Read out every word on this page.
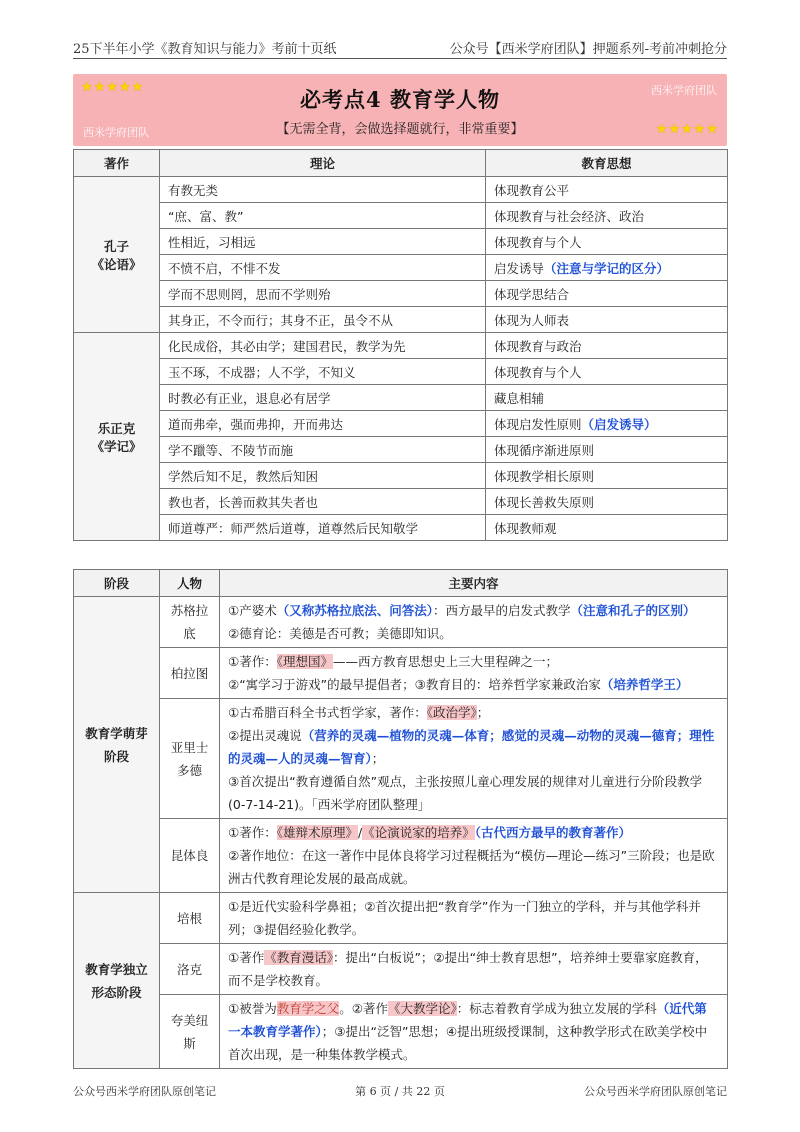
25下半年小学《教育知识与能力》考前十页纸	公众号【西米学府团队】押题系列-考前冲刺抢分
★★★★★	西米学府团队
必考点4 教育学人物
【无需全背，会做选择题就行，非常重要】
西米学府团队	★★★★★
著作	理论	教育思想

孔子
《论语》	有教无类	体现教育公平
	“庶、富、教”	体现教育与社会经济、政治
	性相近，习相远	体现教育与个人
	不愤不启，不悱不发	启发诱导（注意与学记的区分）
	学而不思则罔，思而不学则殆	体现学思结合
	其身正，不令而行；其身不正，虽令不从	体现为人师表

乐正克
《学记》	化民成俗，其必由学；建国君民，教学为先	体现教育与政治
	玉不琢，不成器；人不学，不知义	体现教育与个人
	时教必有正业，退息必有居学	藏息相辅
	道而弗牵，强而弗抑，开而弗达	体现启发性原则（启发诱导）
	学不躐等、不陵节而施	体现循序渐进原则
	学然后知不足，教然后知困	体现教学相长原则
	教也者，长善而救其失者也	体现长善救失原则
	师道尊严：师严然后道尊，道尊然后民知敬学	体现教师观
阶段	人物	主要内容
教育学萌芽阶段	苏格拉底	①产婆术（又称苏格拉底法、问答法）：西方最早的启发式教学（注意和孔子的区别）
②德育论：美德是否可教；美德即知识。

	柏拉图	①著作：《理想国》——西方教育思想史上三大里程碑之一；
②“寓学习于游戏”的最早提倡者；③教育目的：培养哲学家兼政治家（培养哲学王）

	亚里士多德	①古希腊百科全书式哲学家，著作：《政治学》；
②提出灵魂说（营养的灵魂—植物的灵魂—体育；感觉的灵魂—动物的灵魂—德育；理性的灵魂—人的灵魂—智育）；
③首次提出“教育遵循自然”观点，主张按照儿童心理发展的规律对儿童进行分阶段教学(0-7-14-21)。「西米学府团队整理」

	昆体良	①著作：《雄辩术原理》/《论演说家的培养》（古代西方最早的教育著作）
②著作地位：在这一著作中昆体良将学习过程概括为“模仿—理论—练习”三阶段；也是欧洲古代教育理论发展的最高成就。

教育学独立形态阶段	培根	①是近代实验科学鼻祖；②首次提出把“教育学”作为一门独立的学科，并与其他学科并列；③提倡经验化教学。
	洛克	①著作《教育漫话》：提出“白板说”；②提出“绅士教育思想”，培养绅士要靠家庭教育，而不是学校教育。
	夸美纽斯	①被誉为教育学之父。②著作《大教学论》：标志着教育学成为独立发展的学科（近代第一本教育学著作）；③提出“泛智”思想；④提出班级授课制，这种教学形式在欧美学校中首次出现，是一种集体教学模式。
公众号西米学府团队原创笔记	第 6 页 / 共 22 页	公众号西米学府团队原创笔记
